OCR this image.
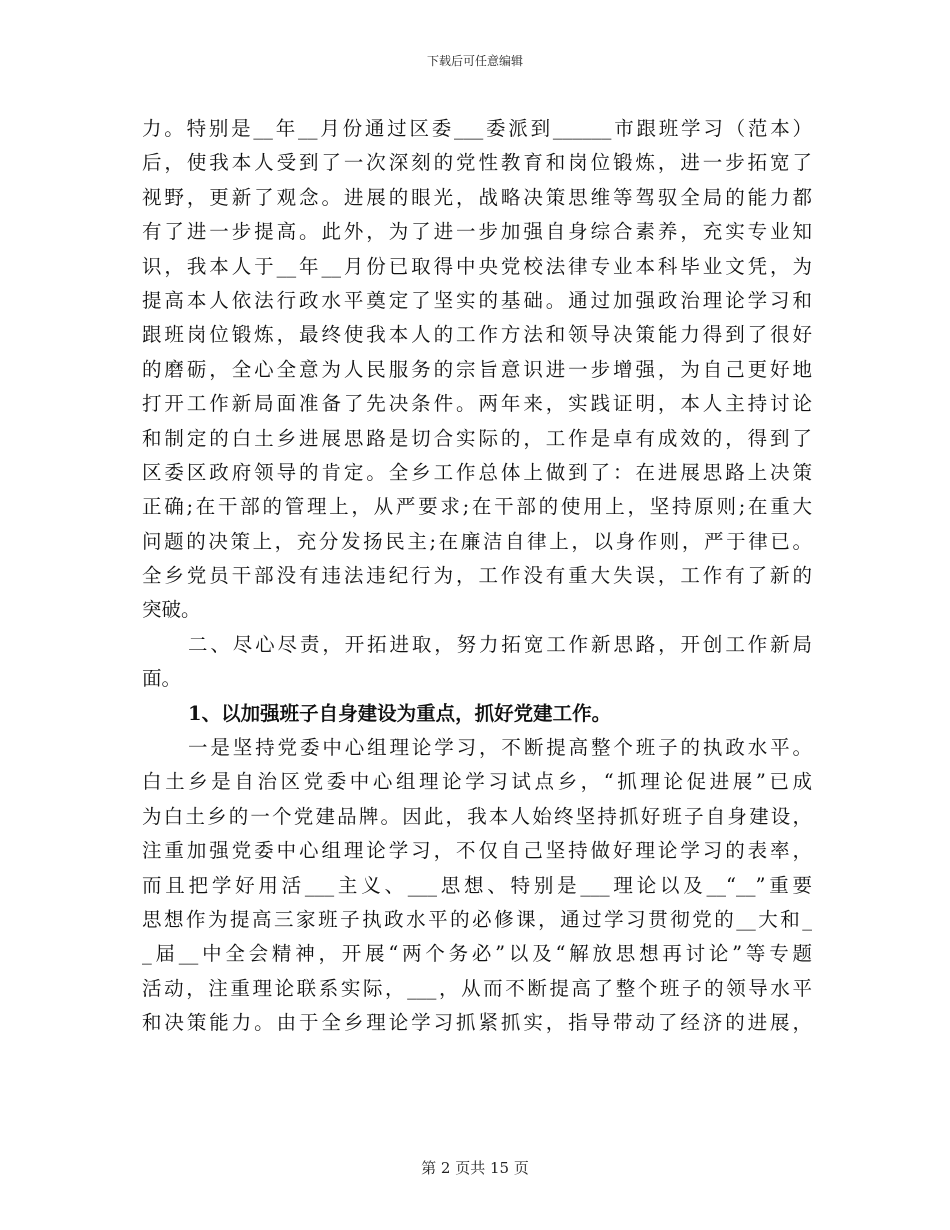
下载后可任意编辑
力。特别是__年__月份通过区委___委派到______市跟班学习（范本）
后，使我本人受到了一次深刻的党性教育和岗位锻炼，进一步拓宽了
视野，更新了观念。进展的眼光，战略决策思维等驾驭全局的能力都
有了进一步提高。此外，为了进一步加强自身综合素养，充实专业知
识，我本人于__年__月份已取得中央党校法律专业本科毕业文凭，为
提高本人依法行政水平奠定了坚实的基础。通过加强政治理论学习和
跟班岗位锻炼，最终使我本人的工作方法和领导决策能力得到了很好
的磨砺，全心全意为人民服务的宗旨意识进一步增强，为自己更好地
打开工作新局面准备了先决条件。两年来，实践证明，本人主持讨论
和制定的白土乡进展思路是切合实际的，工作是卓有成效的，得到了
区委区政府领导的肯定。全乡工作总体上做到了：在进展思路上决策
正确;在干部的管理上，从严要求;在干部的使用上，坚持原则;在重大
问题的决策上，充分发扬民主;在廉洁自律上，以身作则，严于律已。
全乡党员干部没有违法违纪行为，工作没有重大失误，工作有了新的
突破。
二、尽心尽责，开拓进取，努力拓宽工作新思路，开创工作新局
面。
1、以加强班子自身建设为重点，抓好党建工作。
一是坚持党委中心组理论学习，不断提高整个班子的执政水平。
白土乡是自治区党委中心组理论学习试点乡，“抓理论促进展”已成
为白土乡的一个党建品牌。因此，我本人始终坚持抓好班子自身建设，
注重加强党委中心组理论学习，不仅自己坚持做好理论学习的表率，
而且把学好用活___主义、___思想、特别是___理论以及__“__”重要
思想作为提高三家班子执政水平的必修课，通过学习贯彻党的__大和_
_届__中全会精神，开展“两个务必”以及“解放思想再讨论”等专题
活动，注重理论联系实际，___，从而不断提高了整个班子的领导水平
和决策能力。由于全乡理论学习抓紧抓实，指导带动了经济的进展，
第 2 页共 15 页
